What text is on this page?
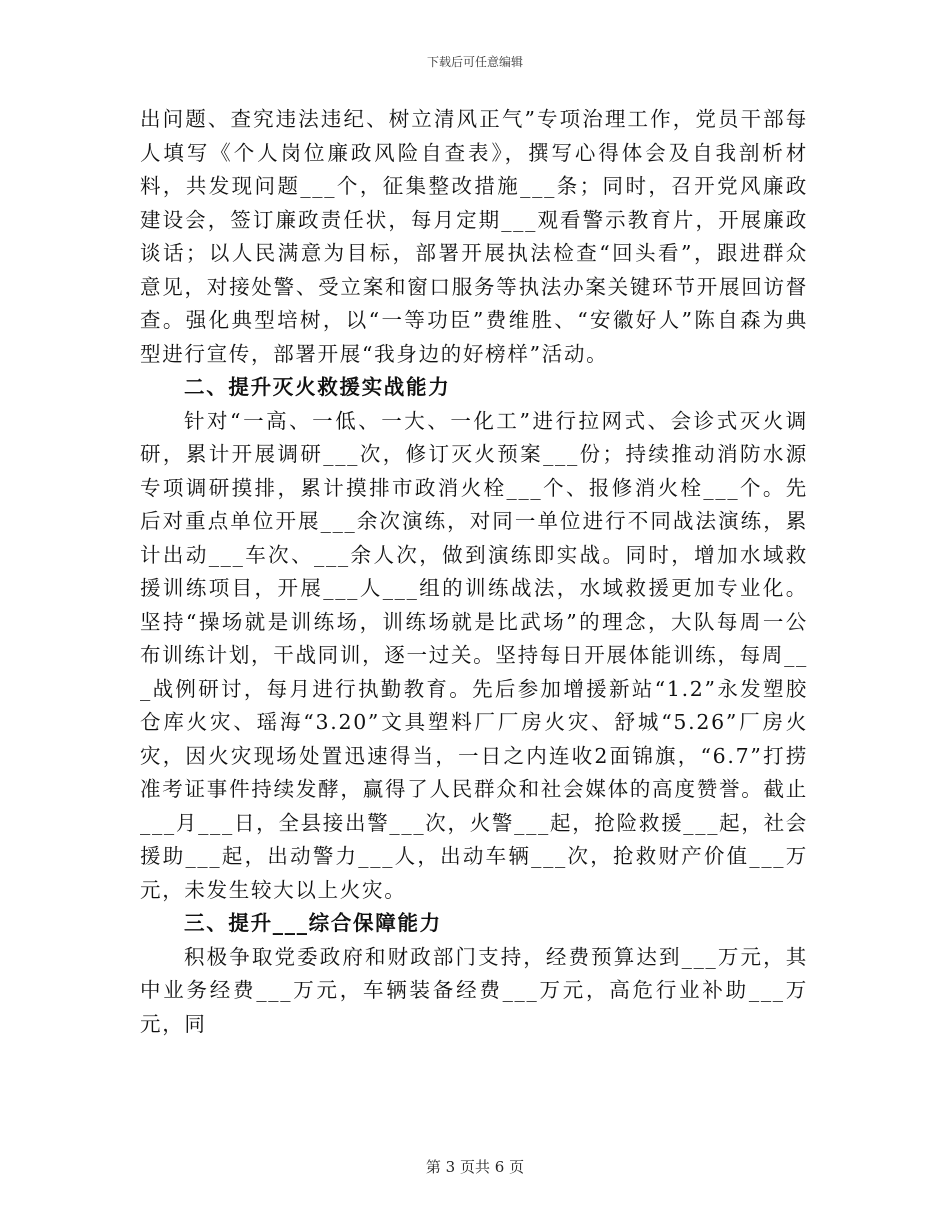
下载后可任意编辑

出问题、查究违法违纪、树立清风正气”专项治理工作，党员干部每人填写《个人岗位廉政风险自查表》，撰写心得体会及自我剖析材料，共发现问题___个，征集整改措施___条；同时，召开党风廉政建设会，签订廉政责任状，每月定期___观看警示教育片，开展廉政谈话；以人民满意为目标，部署开展执法检查“回头看”，跟进群众意见，对接处警、受立案和窗口服务等执法办案关键环节开展回访督查。强化典型培树，以“一等功臣”费维胜、“安徽好人”陈自森为典型进行宣传，部署开展“我身边的好榜样”活动。

二、提升灭火救援实战能力

针对“一高、一低、一大、一化工”进行拉网式、会诊式灭火调研，累计开展调研___次，修订灭火预案___份；持续推动消防水源专项调研摸排，累计摸排市政消火栓___个、报修消火栓___个。先后对重点单位开展___余次演练，对同一单位进行不同战法演练，累计出动___车次、___余人次，做到演练即实战。同时，增加水域救援训练项目，开展___人___组的训练战法，水域救援更加专业化。坚持“操场就是训练场，训练场就是比武场”的理念，大队每周一公布训练计划，干战同训，逐一过关。坚持每日开展体能训练，每周___战例研讨，每月进行执勤教育。先后参加增援新站“1.2”永发塑胶仓库火灾、瑶海“3.20”文具塑料厂厂房火灾、舒城“5.26”厂房火灾，因火灾现场处置迅速得当，一日之内连收2面锦旗，“6.7”打捞准考证事件持续发酵，赢得了人民群众和社会媒体的高度赞誉。截止___月___日，全县接出警___次，火警___起，抢险救援___起，社会援助___起，出动警力___人，出动车辆___次，抢救财产价值___万元，未发生较大以上火灾。

三、提升___综合保障能力

积极争取党委政府和财政部门支持，经费预算达到___万元，其中业务经费___万元，车辆装备经费___万元，高危行业补助___万元，同

第 3 页共 6 页
